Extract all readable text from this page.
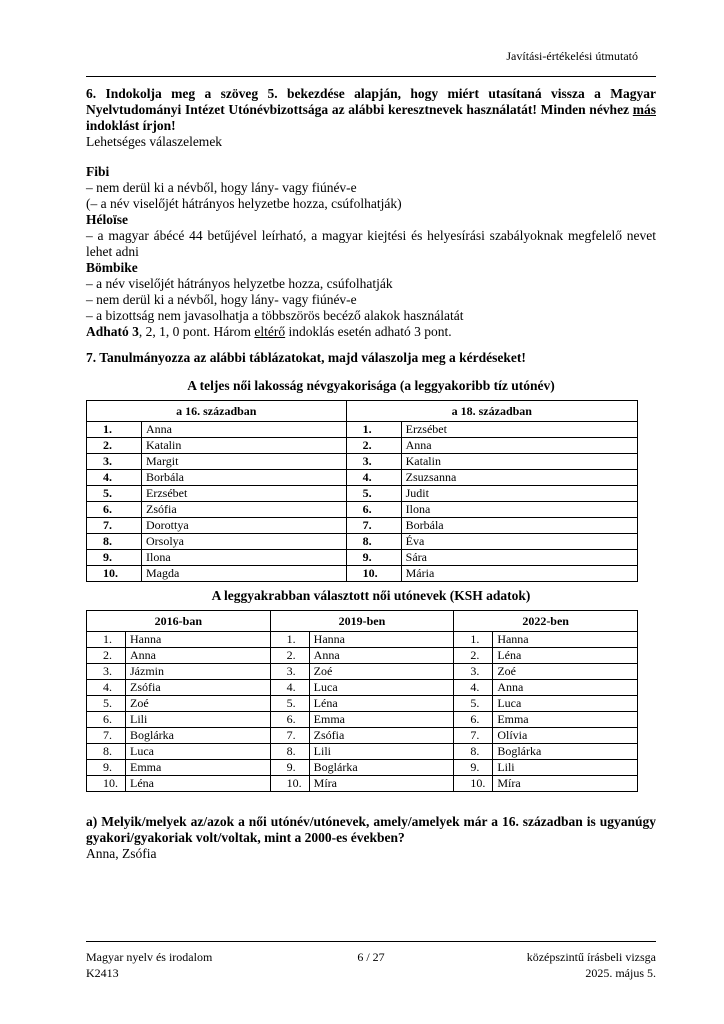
Javítási-értékelési útmutató

6. Indokolja meg a szöveg 5. bekezdése alapján, hogy miért utasítaná vissza a Magyar Nyelvtudományi Intézet Utónévbizottsága az alábbi keresztnevek használatát! Minden névhez más indoklást írjon!

Lehetséges válaszelemek

Fibi

– nem derül ki a névből, hogy lány- vagy fiúnév-e

(– a név viselőjét hátrányos helyzetbe hozza, csúfolhatják)

Héloïse

– a magyar ábécé 44 betűjével leírható, a magyar kiejtési és helyesírási szabályoknak megfelelő nevet lehet adni

Bömbike

– a név viselőjét hátrányos helyzetbe hozza, csúfolhatják

– nem derül ki a névből, hogy lány- vagy fiúnév-e

– a bizottság nem javasolhatja a többszörös becéző alakok használatát

Adható 3, 2, 1, 0 pont. Három eltérő indoklás esetén adható 3 pont.

7. Tanulmányozza az alábbi táblázatokat, majd válaszolja meg a kérdéseket!

A teljes női lakosság névgyakorisága (a leggyakoribb tíz utónév)

a 16. században		a 18. században	
1.	Anna	1.	Erzsébet
2.	Katalin	2.	Anna
3.	Margit	3.	Katalin
4.	Borbála	4.	Zsuzsanna
5.	Erzsébet	5.	Judit
6.	Zsófia	6.	Ilona
7.	Dorottya	7.	Borbála
8.	Orsolya	8.	Éva
9.	Ilona	9.	Sára
10.	Magda	10.	Mária

A leggyakrabban választott női utónevek (KSH adatok)

2016-ban		2019-ben		2022-ben	
1.	Hanna	1.	Hanna	1.	Hanna
2.	Anna	2.	Anna	2.	Léna
3.	Jázmin	3.	Zoé	3.	Zoé
4.	Zsófia	4.	Luca	4.	Anna
5.	Zoé	5.	Léna	5.	Luca
6.	Lili	6.	Emma	6.	Emma
7.	Boglárka	7.	Zsófia	7.	Olívia
8.	Luca	8.	Lili	8.	Boglárka
9.	Emma	9.	Boglárka	9.	Lili
10.	Léna	10.	Míra	10.	Míra

a) Melyik/melyek az/azok a női utónév/utónevek, amely/amelyek már a 16. században is ugyanúgy gyakori/gyakoriak volt/voltak, mint a 2000-es években?

Anna, Zsófia

Magyar nyelv és irodalom	6 / 27	középszintű írásbeli vizsga
K2413	2025. május 5.
